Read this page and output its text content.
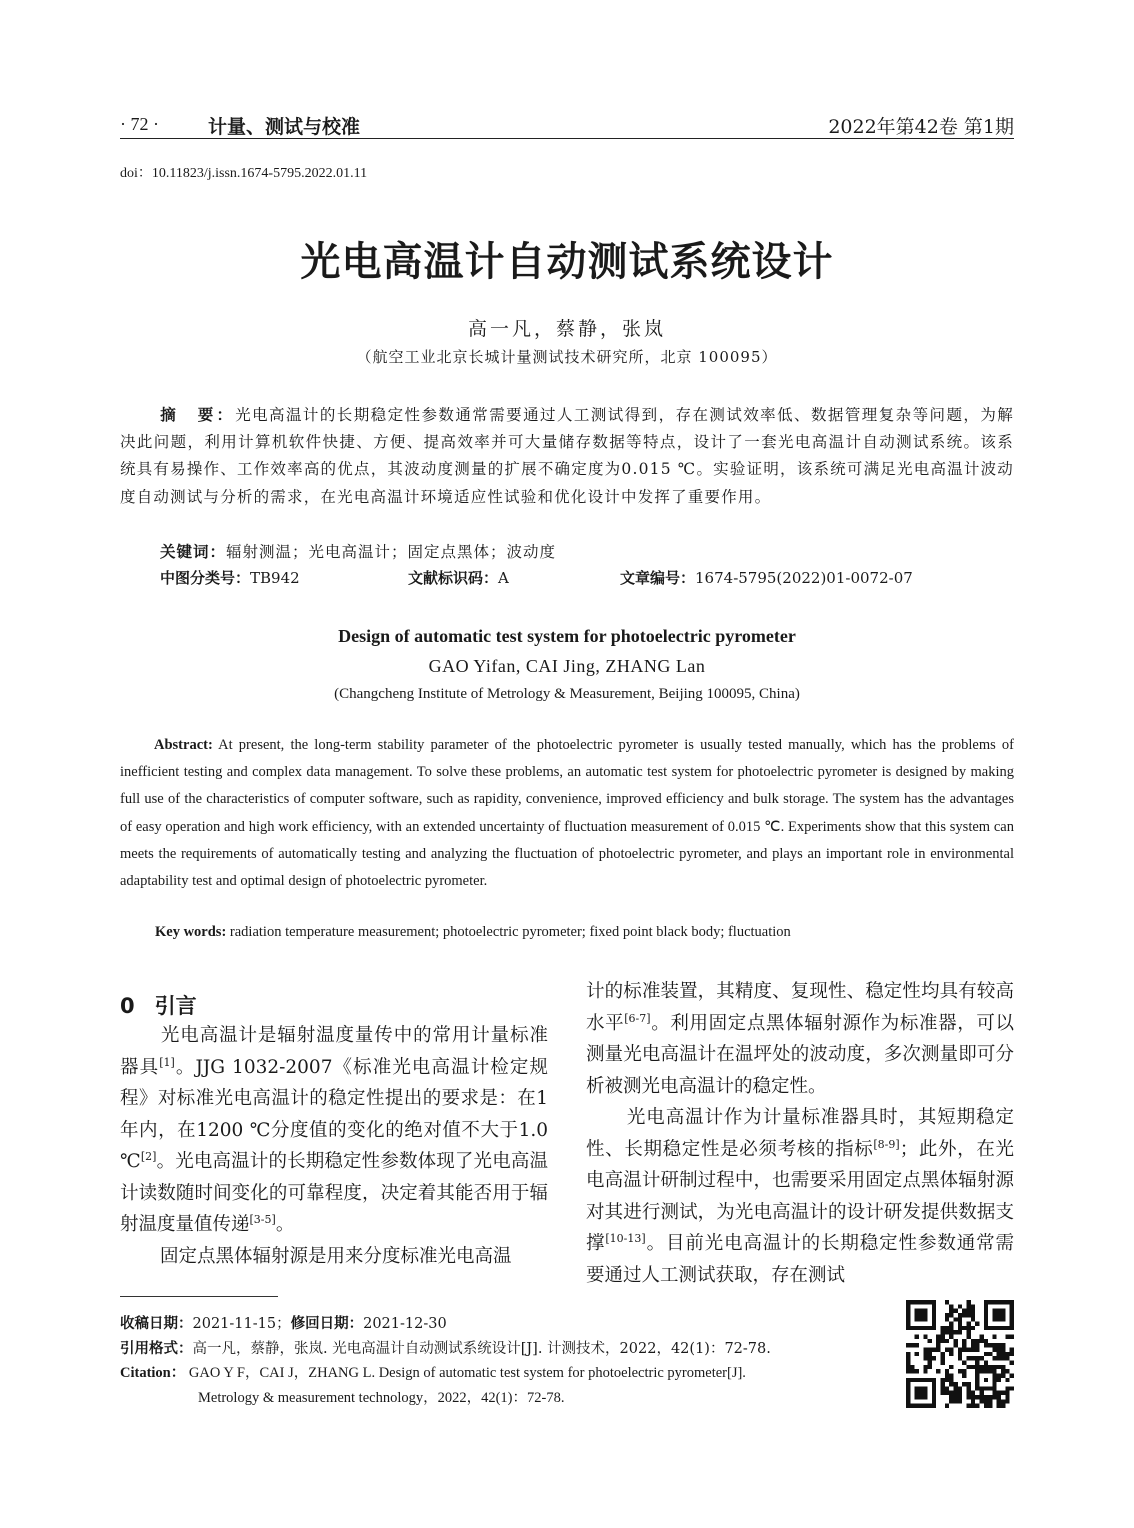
· 72 ·	计量、测试与校准	2022年第42卷 第1期
doi：10.11823/j.issn.1674-5795.2022.01.11
光电高温计自动测试系统设计
高一凡，蔡静，张岚
（航空工业北京长城计量测试技术研究所，北京 100095）
摘　要：光电高温计的长期稳定性参数通常需要通过人工测试得到，存在测试效率低、数据管理复杂等问题，为解决此问题，利用计算机软件快捷、方便、提高效率并可大量储存数据等特点，设计了一套光电高温计自动测试系统。该系统具有易操作、工作效率高的优点，其波动度测量的扩展不确定度为0.015 ℃。实验证明，该系统可满足光电高温计波动度自动测试与分析的需求，在光电高温计环境适应性试验和优化设计中发挥了重要作用。
关键词：辐射测温；光电高温计；固定点黑体；波动度
中图分类号：TB942	文献标识码：A	文章编号：1674-5795(2022)01-0072-07
Design of automatic test system for photoelectric pyrometer
GAO Yifan, CAI Jing, ZHANG Lan
(Changcheng Institute of Metrology & Measurement, Beijing 100095, China)
Abstract: At present, the long-term stability parameter of the photoelectric pyrometer is usually tested manually, which has the problems of inefficient testing and complex data management. To solve these problems, an automatic test system for photoelectric pyrometer is designed by making full use of the characteristics of computer software, such as rapidity, convenience, improved efficiency and bulk storage. The system has the advantages of easy operation and high work efficiency, with an extended uncertainty of fluctuation measurement of 0.015 ℃. Experiments show that this system can meets the requirements of automatically testing and analyzing the fluctuation of photoelectric pyrometer, and plays an important role in environmental adaptability test and optimal design of photoelectric pyrometer.
Key words: radiation temperature measurement; photoelectric pyrometer; fixed point black body; fluctuation
0 引言

光电高温计是辐射温度量传中的常用计量标准器具[1]。JJG 1032-2007《标准光电高温计检定规程》对标准光电高温计的稳定性提出的要求是：在1年内，在1200 ℃分度值的变化的绝对值不大于1.0 ℃[2]。光电高温计的长期稳定性参数体现了光电高温计读数随时间变化的可靠程度，决定着其能否用于辐射温度量值传递[3-5]。

固定点黑体辐射源是用来分度标准光电高温

计的标准装置，其精度、复现性、稳定性均具有较高水平[6-7]。利用固定点黑体辐射源作为标准器，可以测量光电高温计在温坪处的波动度，多次测量即可分析被测光电高温计的稳定性。

光电高温计作为计量标准器具时，其短期稳定性、长期稳定性是必须考核的指标[8-9]；此外，在光电高温计研制过程中，也需要采用固定点黑体辐射源对其进行测试，为光电高温计的设计研发提供数据支撑[10-13]。目前光电高温计的长期稳定性参数通常需要通过人工测试获取，存在测试

收稿日期：2021-11-15；修回日期：2021-12-30
引用格式：高一凡，蔡静，张岚. 光电高温计自动测试系统设计[J]. 计测技术，2022，42(1)：72-78.
Citation： GAO Y F，CAI J，ZHANG L. Design of automatic test system for photoelectric pyrometer[J].
Metrology & measurement technology，2022，42(1)：72-78.
